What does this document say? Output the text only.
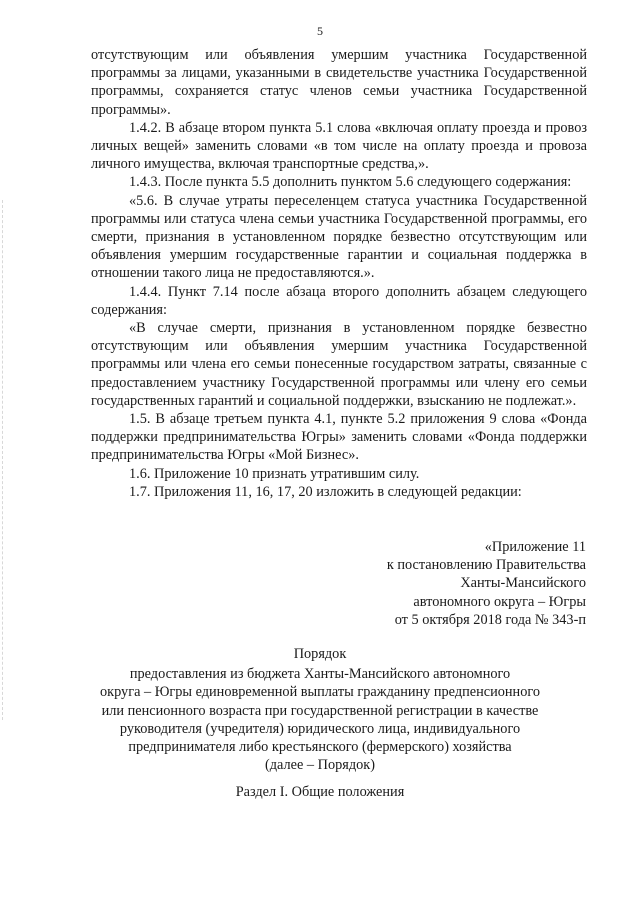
5

отсутствующим или объявления умершим участника Государственной программы за лицами, указанными в свидетельстве участника Государственной программы, сохраняется статус членов семьи участника Государственной программы».

1.4.2. В абзаце втором пункта 5.1 слова «включая оплату проезда и провоз личных вещей» заменить словами «в том числе на оплату проезда и провоза личного имущества, включая транспортные средства,».

1.4.3. После пункта 5.5 дополнить пунктом 5.6 следующего содержания:

«5.6. В случае утраты переселенцем статуса участника Государственной программы или статуса члена семьи участника Государственной программы, его смерти, признания в установленном порядке безвестно отсутствующим или объявления умершим государственные гарантии и социальная поддержка в отношении такого лица не предоставляются.».

1.4.4. Пункт 7.14 после абзаца второго дополнить абзацем следующего содержания:

«В случае смерти, признания в установленном порядке безвестно отсутствующим или объявления умершим участника Государственной программы или члена его семьи понесенные государством затраты, связанные с предоставлением участнику Государственной программы или члену его семьи государственных гарантий и социальной поддержки, взысканию не подлежат.».

1.5. В абзаце третьем пункта 4.1, пункте 5.2 приложения 9 слова «Фонда поддержки предпринимательства Югры» заменить словами «Фонда поддержки предпринимательства Югры «Мой Бизнес».

1.6. Приложение 10 признать утратившим силу.

1.7. Приложения 11, 16, 17, 20 изложить в следующей редакции:

«Приложение 11
к постановлению Правительства
Ханты-Мансийского
автономного округа – Югры
от 5 октября 2018 года № 343-п
Порядок
предоставления из бюджета Ханты-Мансийского автономного
округа – Югры единовременной выплаты гражданину предпенсионного
или пенсионного возраста при государственной регистрации в качестве
руководителя (учредителя) юридического лица, индивидуального
предпринимателя либо крестьянского (фермерского) хозяйства
(далее – Порядок)
Раздел I. Общие положения
